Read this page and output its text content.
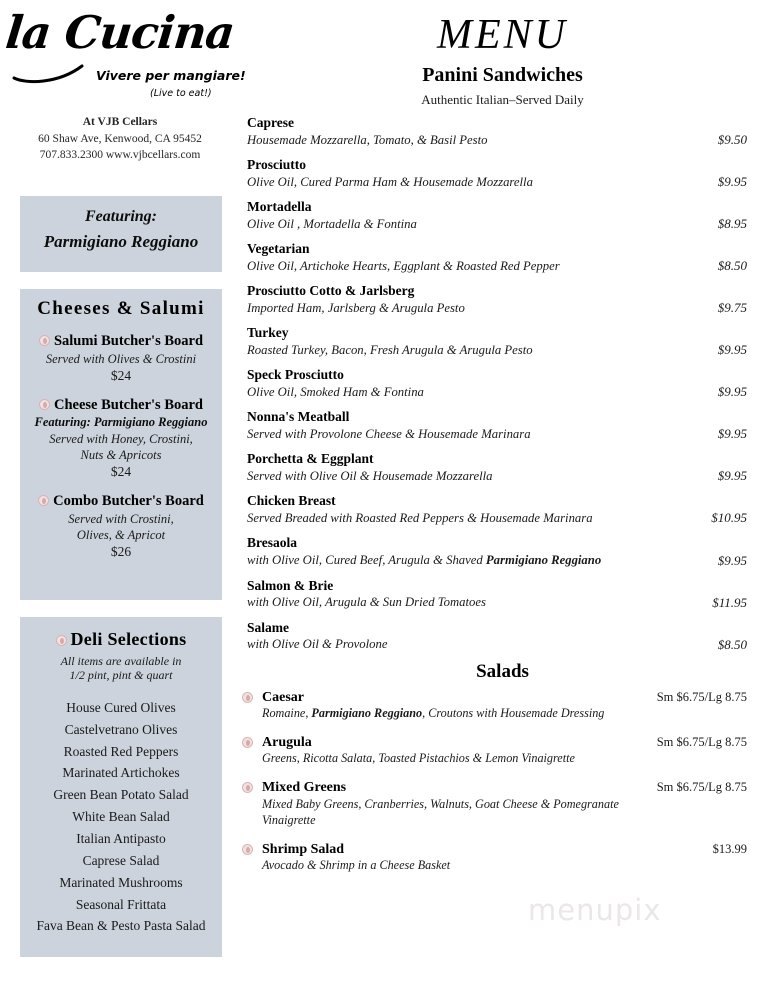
la Cucina
Vivere per mangiare!
(Live to eat!)
At VJB Cellars
60 Shaw Ave, Kenwood, CA 95452
707.833.2300 www.vjbcellars.com
Featuring:
Parmigiano Reggiano
Cheeses & Salumi
Salumi Butcher's Board
Served with Olives & Crostini
$24
Cheese Butcher's Board
Featuring: Parmigiano Reggiano
Served with Honey, Crostini,
Nuts & Apricots
$24
Combo Butcher's Board
Served with Crostini,
Olives, & Apricot
$26
Deli Selections
All items are available in
1/2 pint, pint & quart
House Cured Olives
Castelvetrano Olives
Roasted Red Peppers
Marinated Artichokes
Green Bean Potato Salad
White Bean Salad
Italian Antipasto
Caprese Salad
Marinated Mushrooms
Seasonal Frittata
Fava Bean & Pesto Pasta Salad
MENU
Panini Sandwiches
Authentic Italian–Served Daily
Caprese
Housemade Mozzarella, Tomato, & Basil Pesto	$9.50
Prosciutto
Olive Oil, Cured Parma Ham & Housemade Mozzarella	$9.95
Mortadella
Olive Oil , Mortadella & Fontina	$8.95
Vegetarian
Olive Oil, Artichoke Hearts, Eggplant & Roasted Red Pepper	$8.50
Prosciutto Cotto & Jarlsberg
Imported Ham, Jarlsberg & Arugula Pesto	$9.75
Turkey
Roasted Turkey, Bacon, Fresh Arugula & Arugula Pesto	$9.95
Speck Prosciutto
Olive Oil, Smoked Ham & Fontina	$9.95
Nonna's Meatball
Served with Provolone Cheese & Housemade Marinara	$9.95
Porchetta & Eggplant
Served with Olive Oil & Housemade Mozzarella	$9.95
Chicken Breast
Served Breaded with Roasted Red Peppers & Housemade Marinara	$10.95
Bresaola
with Olive Oil, Cured Beef, Arugula & Shaved Parmigiano Reggiano	$9.95
Salmon & Brie
with Olive Oil, Arugula & Sun Dried Tomatoes	$11.95
Salame
with Olive Oil & Provolone	$8.50
Salads
Caesar
Romaine, Parmigiano Reggiano, Croutons with Housemade Dressing
Sm $6.75/Lg 8.75
Arugula
Greens, Ricotta Salata, Toasted Pistachios & Lemon Vinaigrette
Sm $6.75/Lg 8.75
Mixed Greens
Mixed Baby Greens, Cranberries, Walnuts, Goat Cheese & Pomegranate Vinaigrette
Sm $6.75/Lg 8.75
Shrimp Salad
Avocado & Shrimp in a Cheese Basket
$13.99
menupix
